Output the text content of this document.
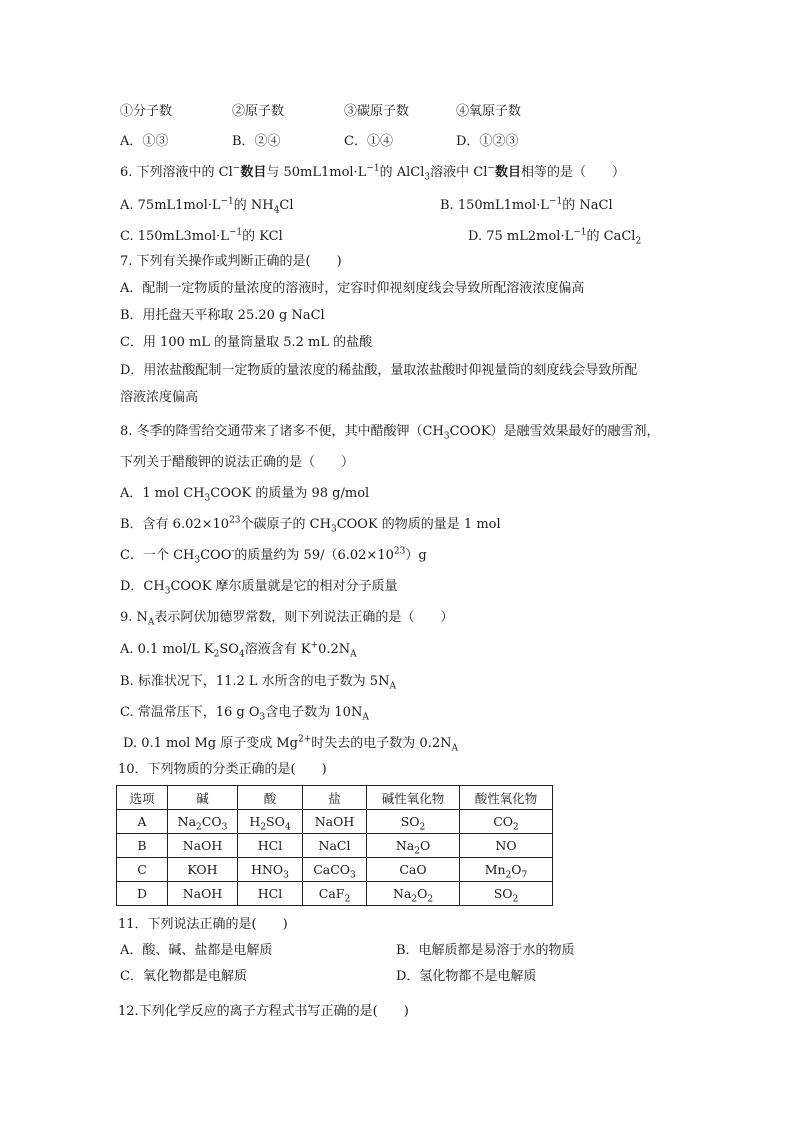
①分子数	②原子数	③碳原子数	④氧原子数
A．①③	B．②④	C．①④	D．①②③
6. 下列溶液中的 Cl−数目与 $50mL1mol\cdot L^{-1}$的 AlCl$_3$溶液中 Cl−数目相等的是（　　）
A. $75mL1mol\cdot L^{-1}$的 $NH_4Cl$	B. $150mL1mol\cdot L^{-1}$的 NaCl
C. $150mL3mol\cdot L^{-1}$的 KCl	D. 75 $mL2mol\cdot L^{-1}$的 CaCl$_2$
7. 下列有关操作或判断正确的是(　　)
A．配制一定物质的量浓度的溶液时，定容时仰视刻度线会导致所配溶液浓度偏高
B．用托盘天平称取 25.20 g NaCl
C．用 100 mL 的量筒量取 5.2 mL 的盐酸
D．用浓盐酸配制一定物质的量浓度的稀盐酸，量取浓盐酸时仰视量筒的刻度线会导致所配
溶液浓度偏高
8. 冬季的降雪给交通带来了诸多不便，其中醋酸钾$(CH_3COOK)$是融雪效果最好的融雪剂，
下列关于醋酸钾的说法正确的是（　　）
A．1 mol $CH_3COOK$ 的质量为 98 g/mol
B．含有 $6.02\times 10^{23}$个碳原子的 $CH_3COOK$ 的物质的量是 1 mol
C．一个 $CH_3COO^-$的质量约为 $59/(6.02\times 10^{23})g$
D．$CH_3COOK$ 摩尔质量就是它的相对分子质量
9. $N_A$表示阿伏加德罗常数，则下列说法正确的是（　　）
A. 0.1 mol/L $K_2SO_4$溶液含有 $K^+0.2N_A$
B. 标准状况下，11.2 L 水所含的电子数为 $5N_A$
C. 常温常压下，16 g $O_3$含电子数为 $10N_A$
D. 0.1 mol Mg 原子变成 $Mg^{2+}$时失去的电子数为 $0.2N_A$
10．下列物质的分类正确的是(　　)
选项	碱	酸	盐	碱性氧化物	酸性氧化物
A	$Na_2CO_3$	$H_2SO_4$	NaOH	$SO_2$	$CO_2$
B	NaOH	HCl	NaCl	$Na_2O$	NO
C	KOH	$HNO_3$	CaCO$_3$	CaO	$Mn_2O_7$
D	NaOH	HCl	CaF$_2$	$Na_2O_2$	$SO_2$
11．下列说法正确的是(　　)
A．酸、碱、盐都是电解质	B．电解质都是易溶于水的物质
C．氧化物都是电解质	D．氢化物都不是电解质
12.下列化学反应的离子方程式书写正确的是(　　)
